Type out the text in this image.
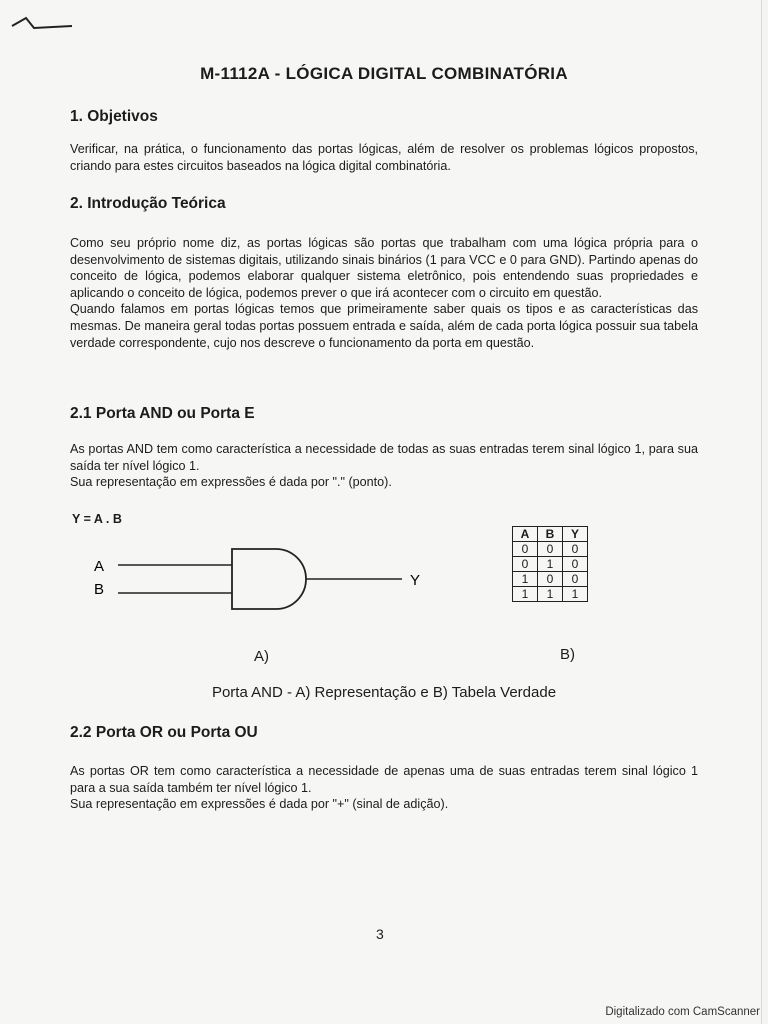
M-1112A - LÓGICA DIGITAL COMBINATÓRIA
1. Objetivos

Verificar, na prática, o funcionamento das portas lógicas, além de resolver os problemas lógicos propostos, criando para estes circuitos baseados na lógica digital combinatória.

2. Introdução Teórica

Como seu próprio nome diz, as portas lógicas são portas que trabalham com uma lógica própria para o desenvolvimento de sistemas digitais, utilizando sinais binários (1 para VCC e 0 para GND). Partindo apenas do conceito de lógica, podemos elaborar qualquer sistema eletrônico, pois entendendo suas propriedades e aplicando o conceito de lógica, podemos prever o que irá acontecer com o circuito em questão.

Quando falamos em portas lógicas temos que primeiramente saber quais os tipos e as características das mesmas. De maneira geral todas portas possuem entrada e saída, além de cada porta lógica possuir sua tabela verdade correspondente, cujo nos descreve o funcionamento da porta em questão.

2.1 Porta AND ou Porta E

As portas AND tem como característica a necessidade de todas as suas entradas terem sinal lógico 1, para sua saída ter nível lógico 1.

Sua representação em expressões é dada por "." (ponto).

Y = A . B
A
B
Y
A	B	Y
0	0	0
0	1	0
1	0	0
1	1	1
A)	B)
Porta AND - A) Representação e B) Tabela Verdade
2.2 Porta OR ou Porta OU

As portas OR tem como característica a necessidade de apenas uma de suas entradas terem sinal lógico 1 para a sua saída também ter nível lógico 1.

Sua representação em expressões é dada por "+" (sinal de adição).

3
Digitalizado com CamScanner
